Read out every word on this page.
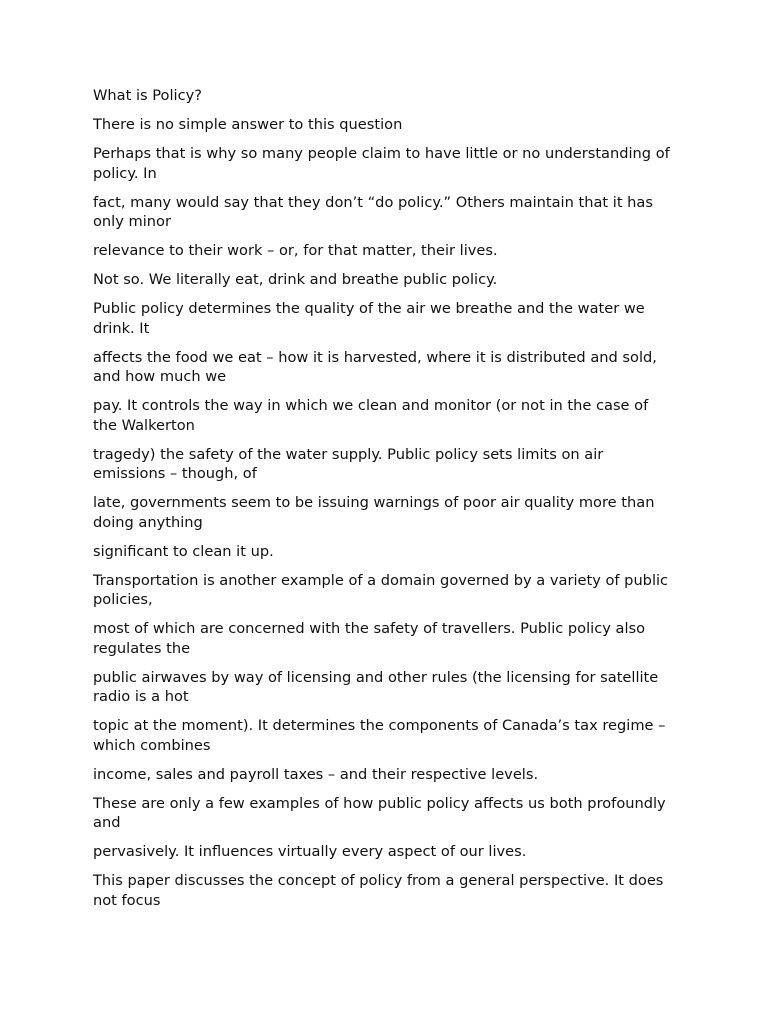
What is Policy?

There is no simple answer to this question

Perhaps that is why so many people claim to have little or no understanding of policy. In

fact, many would say that they don’t “do policy.” Others maintain that it has only minor

relevance to their work – or, for that matter, their lives.

Not so. We literally eat, drink and breathe public policy.

Public policy determines the quality of the air we breathe and the water we drink. It

affects the food we eat – how it is harvested, where it is distributed and sold, and how much we

pay. It controls the way in which we clean and monitor (or not in the case of the Walkerton

tragedy) the safety of the water supply. Public policy sets limits on air emissions – though, of

late, governments seem to be issuing warnings of poor air quality more than doing anything

significant to clean it up.

Transportation is another example of a domain governed by a variety of public policies,

most of which are concerned with the safety of travellers. Public policy also regulates the

public airwaves by way of licensing and other rules (the licensing for satellite radio is a hot

topic at the moment). It determines the components of Canada’s tax regime – which combines

income, sales and payroll taxes – and their respective levels.

These are only a few examples of how public policy affects us both profoundly and

pervasively. It influences virtually every aspect of our lives.

This paper discusses the concept of policy from a general perspective. It does not focus
